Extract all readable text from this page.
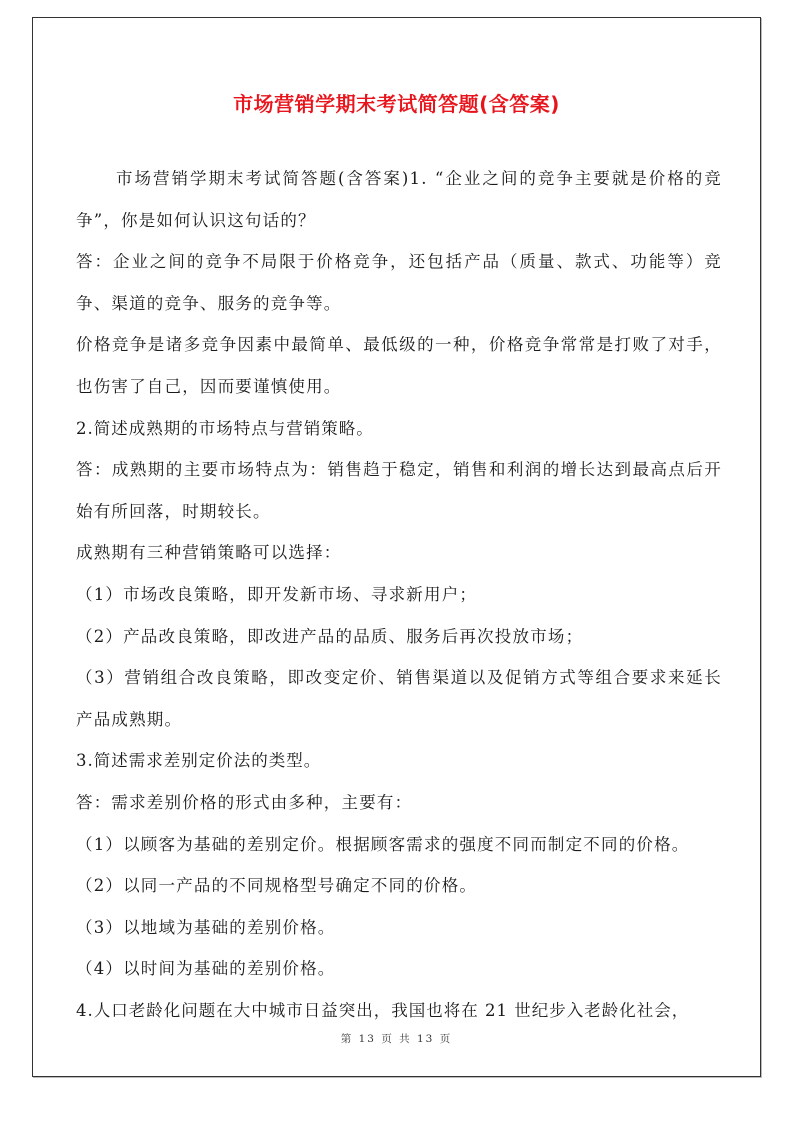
市场营销学期末考试简答题(含答案)

市场营销学期末考试简答题(含答案)1. “企业之间的竞争主要就是价格的竞争”，你是如何认识这句话的？

答：企业之间的竞争不局限于价格竞争，还包括产品（质量、款式、功能等）竞争、渠道的竞争、服务的竞争等。

价格竞争是诸多竞争因素中最简单、最低级的一种，价格竞争常常是打败了对手，也伤害了自己，因而要谨慎使用。

2.简述成熟期的市场特点与营销策略。

答：成熟期的主要市场特点为：销售趋于稳定，销售和利润的增长达到最高点后开始有所回落，时期较长。

成熟期有三种营销策略可以选择：

（1）市场改良策略，即开发新市场、寻求新用户；

（2）产品改良策略，即改进产品的品质、服务后再次投放市场；

（3）营销组合改良策略，即改变定价、销售渠道以及促销方式等组合要求来延长产品成熟期。

3.简述需求差别定价法的类型。

答：需求差别价格的形式由多种，主要有：

（1）以顾客为基础的差别定价。根据顾客需求的强度不同而制定不同的价格。

（2）以同一产品的不同规格型号确定不同的价格。

（3）以地域为基础的差别价格。

（4）以时间为基础的差别价格。

4.人口老龄化问题在大中城市日益突出，我国也将在 21 世纪步入老龄化社会，

第 13 页 共 13 页
